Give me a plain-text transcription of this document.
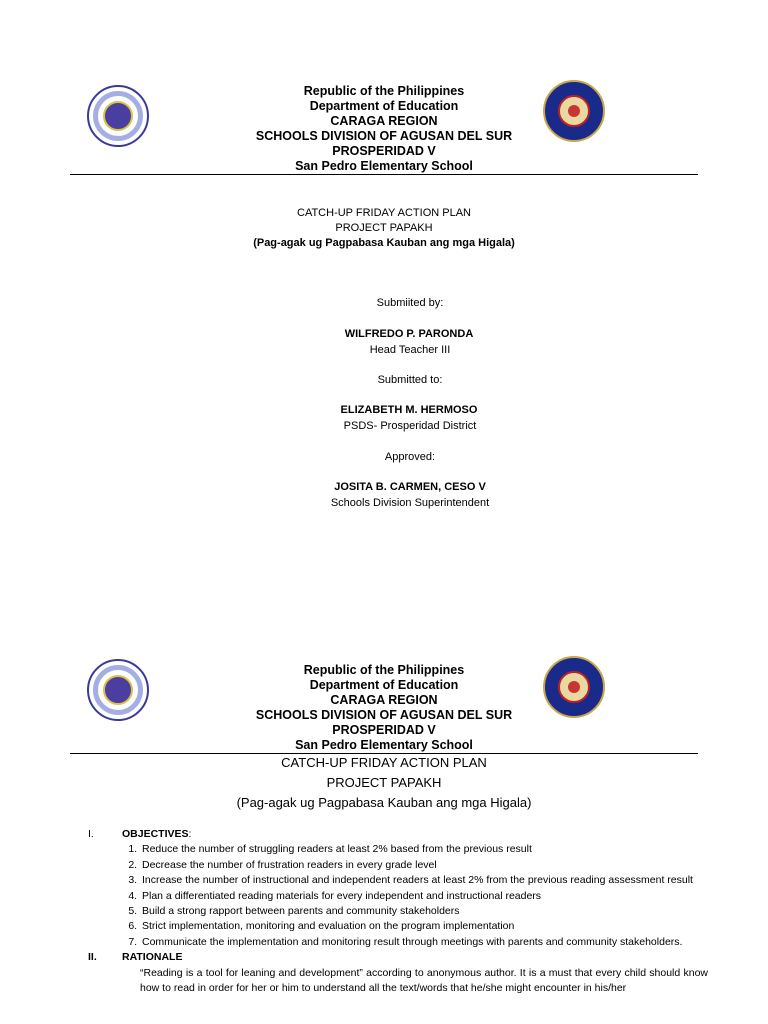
Republic of the Philippines
Department of Education
CARAGA REGION
SCHOOLS DIVISION OF AGUSAN DEL SUR
PROSPERIDAD V
San Pedro Elementary School
CATCH-UP FRIDAY ACTION PLAN
PROJECT PAPAKH
(Pag-agak ug Pagpabasa Kauban ang mga Higala)
Submiited by:
WILFREDO P. PARONDA
Head Teacher III
Submitted to:
ELIZABETH M. HERMOSO
PSDS- Prosperidad District
Approved:
JOSITA B. CARMEN, CESO V
Schools Division Superintendent
Republic of the Philippines
Department of Education
CARAGA REGION
SCHOOLS DIVISION OF AGUSAN DEL SUR
PROSPERIDAD V
San Pedro Elementary School
CATCH-UP FRIDAY ACTION PLAN
PROJECT PAPAKH
(Pag-agak ug Pagpabasa Kauban ang mga Higala)
I.	OBJECTIVES:
1. Reduce the number of struggling readers at least 2% based from the previous result
2. Decrease the number of frustration readers in every grade level
3. Increase the number of instructional and independent readers at least 2% from the previous reading assessment result
4. Plan a differentiated reading materials for every independent and instructional readers
5. Build a strong rapport between parents and community stakeholders
6. Strict implementation, monitoring and evaluation on the program implementation
7. Communicate the implementation and monitoring result through meetings with parents and community stakeholders.
II.	RATIONALE
“Reading is a tool for leaning and development” according to anonymous author. It is a must that every child should know how to read in order for her or him to understand all the text/words that he/she might encounter in his/her
